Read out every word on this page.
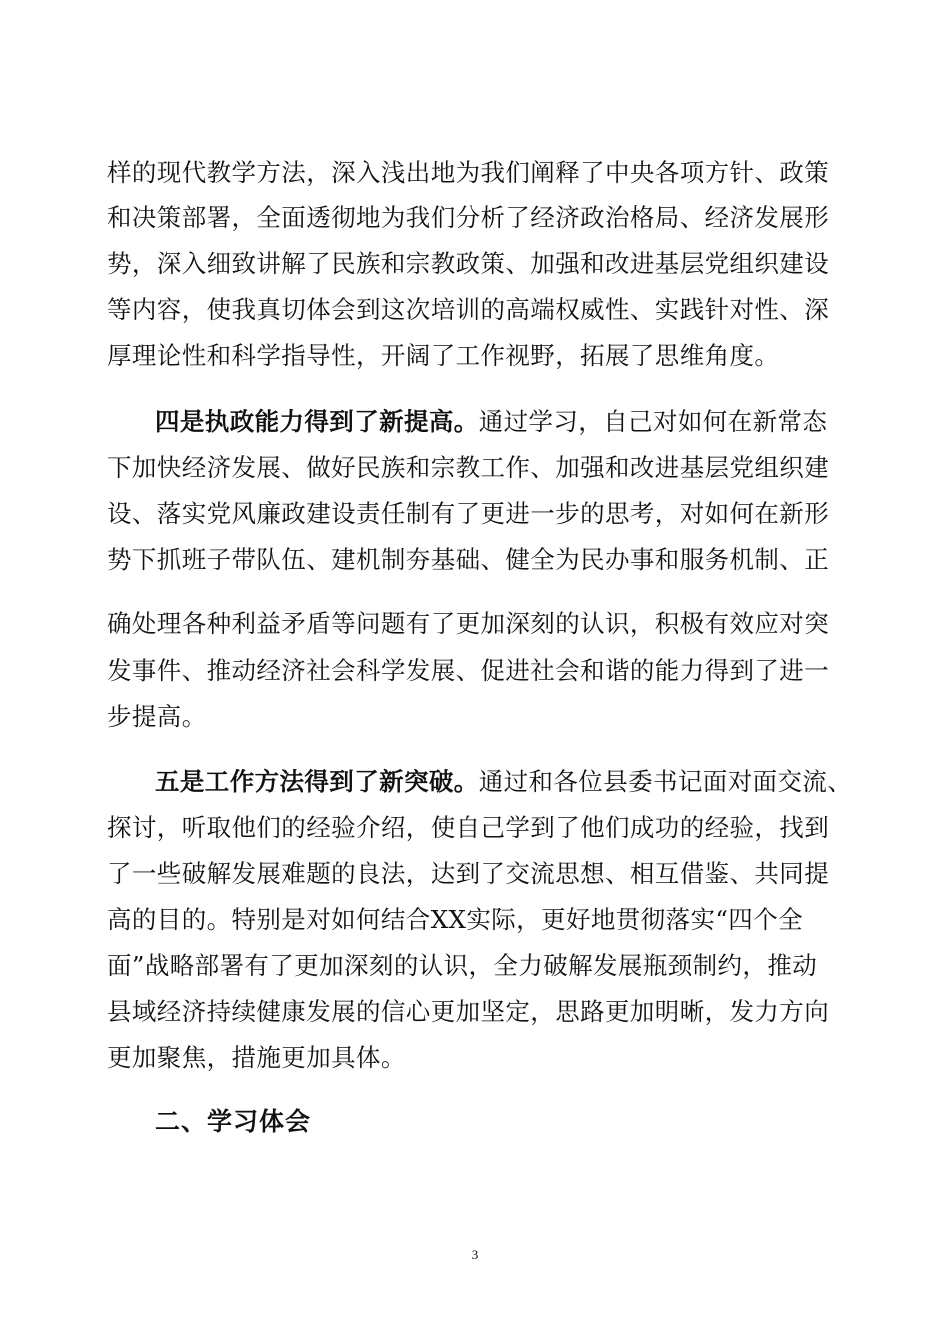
样的现代教学方法，深入浅出地为我们阐释了中央各项方针、政策
和决策部署，全面透彻地为我们分析了经济政治格局、经济发展形
势，深入细致讲解了民族和宗教政策、加强和改进基层党组织建设
等内容，使我真切体会到这次培训的高端权威性、实践针对性、深
厚理论性和科学指导性，开阔了工作视野，拓展了思维角度。
四是执政能力得到了新提高。通过学习，自己对如何在新常态
下加快经济发展、做好民族和宗教工作、加强和改进基层党组织建
设、落实党风廉政建设责任制有了更进一步的思考，对如何在新形
势下抓班子带队伍、建机制夯基础、健全为民办事和服务机制、正
确处理各种利益矛盾等问题有了更加深刻的认识，积极有效应对突
发事件、推动经济社会科学发展、促进社会和谐的能力得到了进一
步提高。
五是工作方法得到了新突破。通过和各位县委书记面对面交流、
探讨，听取他们的经验介绍，使自己学到了他们成功的经验，找到
了一些破解发展难题的良法，达到了交流思想、相互借鉴、共同提
高的目的。特别是对如何结合XX实际，更好地贯彻落实“四个全
面”战略部署有了更加深刻的认识，全力破解发展瓶颈制约，推动
县域经济持续健康发展的信心更加坚定，思路更加明晰，发力方向
更加聚焦，措施更加具体。
二、学习体会
3
